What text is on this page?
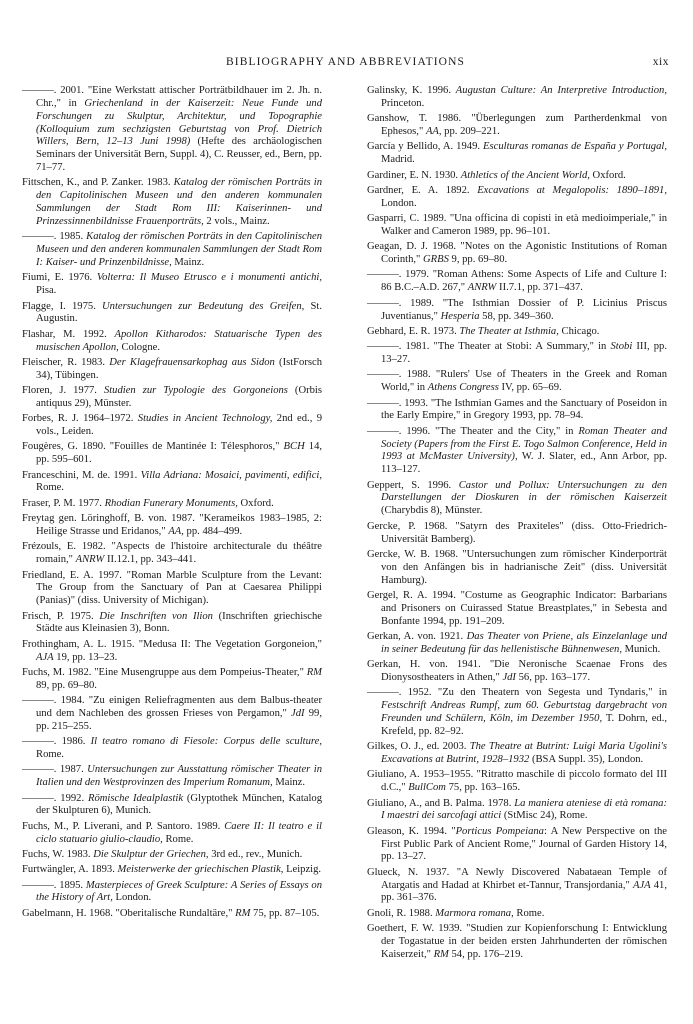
BIBLIOGRAPHY AND ABBREVIATIONS	xix

———. 2001. "Eine Werkstatt attischer Porträtbildhauer im 2. Jh. n. Chr.," in Griechenland in der Kaiserzeit: Neue Funde und Forschungen zu Skulptur, Architektur, und Topographie (Kolloquium zum sechzigsten Geburtstag von Prof. Dietrich Willers, Bern, 12–13 Juni 1998) (Hefte des archäologischen Seminars der Universität Bern, Suppl. 4), C. Reusser, ed., Bern, pp. 71–77.

Fittschen, K., and P. Zanker. 1983. Katalog der römischen Porträts in den Capitolinischen Museen und den anderen kommunalen Sammlungen der Stadt Rom III: Kaiserinnen- und Prinzessinnenbildnisse Frauenporträts, 2 vols., Mainz.

———. 1985. Katalog der römischen Porträts in den Capitolinischen Museen und den anderen kommunalen Sammlungen der Stadt Rom I: Kaiser- und Prinzenbildnisse, Mainz.

Fiumi, E. 1976. Volterra: Il Museo Etrusco e i monumenti antichi, Pisa.

Flagge, I. 1975. Untersuchungen zur Bedeutung des Greifen, St. Augustin.

Flashar, M. 1992. Apollon Kitharodos: Statuarische Typen des musischen Apollon, Cologne.

Fleischer, R. 1983. Der Klagefrauensarkophag aus Sidon (IstForsch 34), Tübingen.

Floren, J. 1977. Studien zur Typologie des Gorgoneions (Orbis antiquus 29), Münster.

Forbes, R. J. 1964–1972. Studies in Ancient Technology, 2nd ed., 9 vols., Leiden.

Fougères, G. 1890. "Fouilles de Mantinée I: Télesphoros," BCH 14, pp. 595–601.

Franceschini, M. de. 1991. Villa Adriana: Mosaici, pavimenti, edifici, Rome.

Fraser, P. M. 1977. Rhodian Funerary Monuments, Oxford.

Freytag gen. Löringhoff, B. von. 1987. "Kerameikos 1983–1985, 2: Heilige Strasse und Eridanos," AA, pp. 484–499.

Frézouls, E. 1982. "Aspects de l'histoire architecturale du théâtre romain," ANRW II.12.1, pp. 343–441.

Friedland, E. A. 1997. "Roman Marble Sculpture from the Levant: The Group from the Sanctuary of Pan at Caesarea Philippi (Panias)" (diss. University of Michigan).

Frisch, P. 1975. Die Inschriften von Ilion (Inschriften griechische Städte aus Kleinasien 3), Bonn.

Frothingham, A. L. 1915. "Medusa II: The Vegetation Gorgoneion," AJA 19, pp. 13–23.

Fuchs, M. 1982. "Eine Musengruppe aus dem Pompeius-Theater," RM 89, pp. 69–80.

———. 1984. "Zu einigen Reliefragmenten aus dem Balbus-theater und dem Nachleben des grossen Frieses von Pergamon," JdI 99, pp. 215–255.

———. 1986. Il teatro romano di Fiesole: Corpus delle sculture, Rome.

———. 1987. Untersuchungen zur Ausstattung römischer Theater in Italien und den Westprovinzen des Imperium Romanum, Mainz.

———. 1992. Römische Idealplastik (Glyptothek München, Katalog der Skulpturen 6), Munich.

Fuchs, M., P. Liverani, and P. Santoro. 1989. Caere II: Il teatro e il ciclo statuario giulio-claudio, Rome.

Fuchs, W. 1983. Die Skulptur der Griechen, 3rd ed., rev., Munich.

Furtwängler, A. 1893. Meisterwerke der griechischen Plastik, Leipzig.

———. 1895. Masterpieces of Greek Sculpture: A Series of Essays on the History of Art, London.

Gabelmann, H. 1968. "Oberitalische Rundaltäre," RM 75, pp. 87–105.

Galinsky, K. 1996. Augustan Culture: An Interpretive Introduction, Princeton.

Ganshow, T. 1986. "Überlegungen zum Partherdenkmal von Ephesos," AA, pp. 209–221.

García y Bellido, A. 1949. Esculturas romanas de España y Portugal, Madrid.

Gardiner, E. N. 1930. Athletics of the Ancient World, Oxford.

Gardner, E. A. 1892. Excavations at Megalopolis: 1890–1891, London.

Gasparri, C. 1989. "Una officina di copisti in età medioimperiale," in Walker and Cameron 1989, pp. 96–101.

Geagan, D. J. 1968. "Notes on the Agonistic Institutions of Roman Corinth," GRBS 9, pp. 69–80.

———. 1979. "Roman Athens: Some Aspects of Life and Culture I: 86 B.C.–A.D. 267," ANRW II.7.1, pp. 371–437.

———. 1989. "The Isthmian Dossier of P. Licinius Priscus Juventianus," Hesperia 58, pp. 349–360.

Gebhard, E. R. 1973. The Theater at Isthmia, Chicago.

———. 1981. "The Theater at Stobi: A Summary," in Stobi III, pp. 13–27.

———. 1988. "Rulers' Use of Theaters in the Greek and Roman World," in Athens Congress IV, pp. 65–69.

———. 1993. "The Isthmian Games and the Sanctuary of Poseidon in the Early Empire," in Gregory 1993, pp. 78–94.

———. 1996. "The Theater and the City," in Roman Theater and Society (Papers from the First E. Togo Salmon Conference, Held in 1993 at McMaster University), W. J. Slater, ed., Ann Arbor, pp. 113–127.

Geppert, S. 1996. Castor und Pollux: Untersuchungen zu den Darstellungen der Dioskuren in der römischen Kaiserzeit (Charybdis 8), Münster.

Gercke, P. 1968. "Satyrn des Praxiteles" (diss. Otto-Friedrich-Universität Bamberg).

Gercke, W. B. 1968. "Untersuchungen zum römischer Kinderporträt von den Anfängen bis in hadrianische Zeit" (diss. Universität Hamburg).

Gergel, R. A. 1994. "Costume as Geographic Indicator: Barbarians and Prisoners on Cuirassed Statue Breastplates," in Sebesta and Bonfante 1994, pp. 191–209.

Gerkan, A. von. 1921. Das Theater von Priene, als Einzelanlage und in seiner Bedeutung für das hellenistische Bühnenwesen, Munich.

Gerkan, H. von. 1941. "Die Neronische Scaenae Frons des Dionysostheaters in Athen," JdI 56, pp. 163–177.

———. 1952. "Zu den Theatern von Segesta und Tyndaris," in Festschrift Andreas Rumpf, zum 60. Geburtstag dargebracht von Freunden und Schülern, Köln, im Dezember 1950, T. Dohrn, ed., Krefeld, pp. 82–92.

Gilkes, O. J., ed. 2003. The Theatre at Butrint: Luigi Maria Ugolini's Excavations at Butrint, 1928–1932 (BSA Suppl. 35), London.

Giuliano, A. 1953–1955. "Ritratto maschile di piccolo formato del III d.C.," BullCom 75, pp. 163–165.

Giuliano, A., and B. Palma. 1978. La maniera ateniese di età romana: I maestri dei sarcofagi attici (StMisc 24), Rome.

Gleason, K. 1994. "Porticus Pompeiana: A New Perspective on the First Public Park of Ancient Rome," Journal of Garden History 14, pp. 13–27.

Glueck, N. 1937. "A Newly Discovered Nabataean Temple of Atargatis and Hadad at Khirbet et-Tannur, Transjordania," AJA 41, pp. 361–376.

Gnoli, R. 1988. Marmora romana, Rome.

Goethert, F. W. 1939. "Studien zur Kopienforschung I: Entwicklung der Togastatue in der beiden ersten Jahrhunderten der römischen Kaiserzeit," RM 54, pp. 176–219.
